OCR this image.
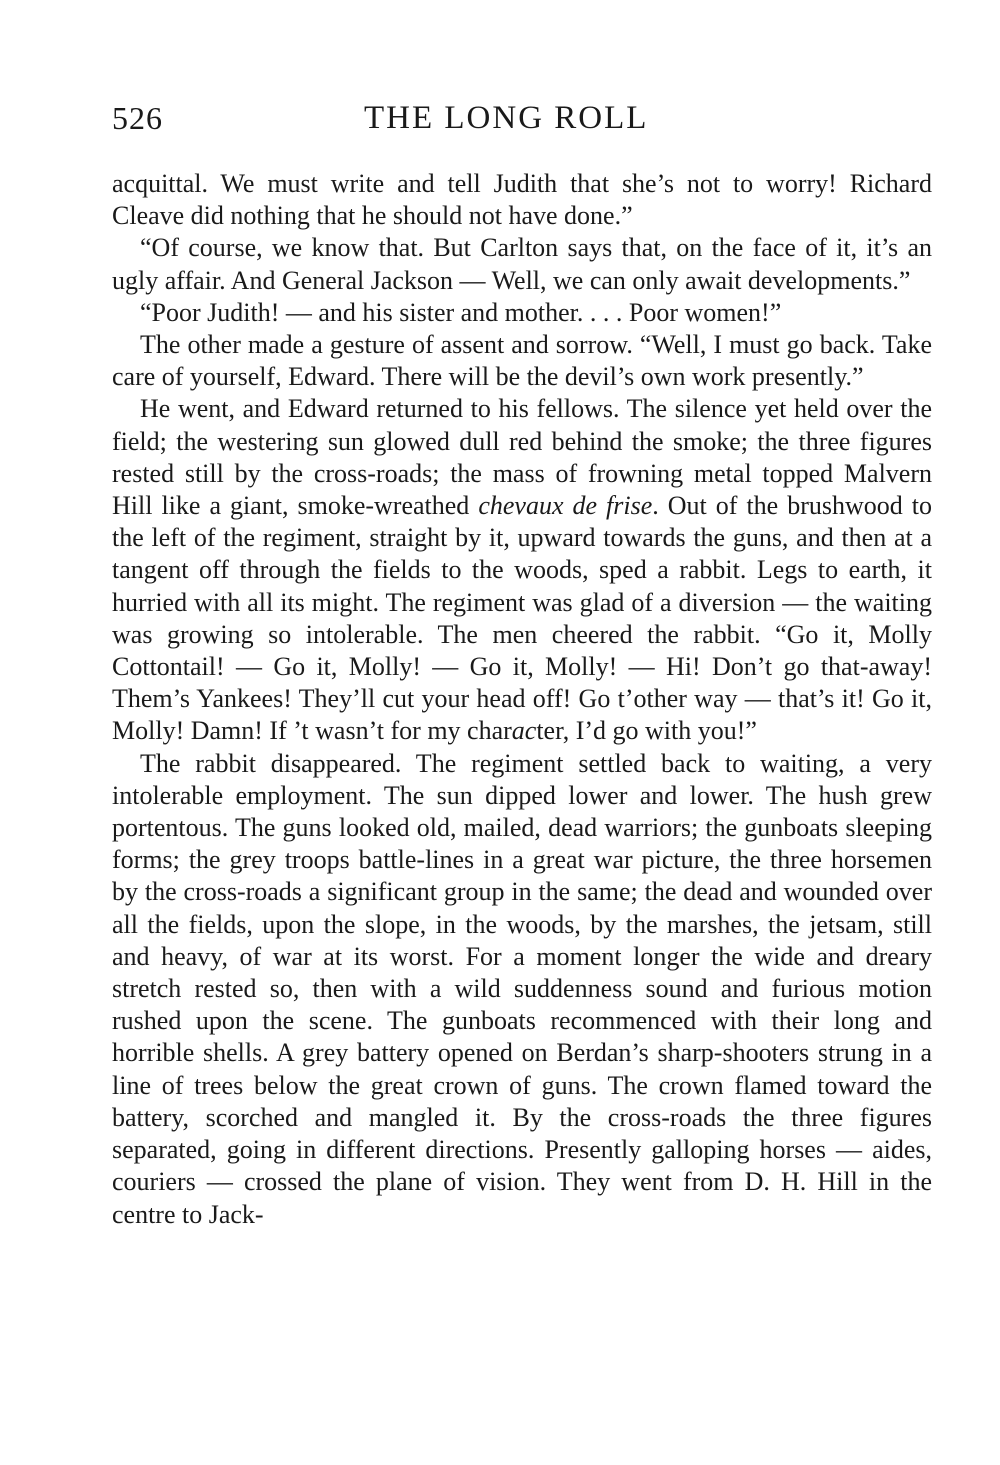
526	THE LONG ROLL

acquittal. We must write and tell Judith that she’s not to worry! Richard Cleave did nothing that he should not have done.”

“Of course, we know that. But Carlton says that, on the face of it, it’s an ugly affair. And General Jackson — Well, we can only await developments.”

“Poor Judith! — and his sister and mother. . . . Poor women!”

The other made a gesture of assent and sorrow. “Well, I must go back. Take care of yourself, Edward. There will be the devil’s own work presently.”

He went, and Edward returned to his fellows. The silence yet held over the field; the westering sun glowed dull red behind the smoke; the three figures rested still by the cross-roads; the mass of frowning metal topped Malvern Hill like a giant, smoke-wreathed chevaux de frise. Out of the brushwood to the left of the regiment, straight by it, upward towards the guns, and then at a tangent off through the fields to the woods, sped a rabbit. Legs to earth, it hurried with all its might. The regiment was glad of a diversion — the waiting was growing so intolerable. The men cheered the rabbit. “Go it, Molly Cottontail! — Go it, Molly! — Go it, Molly! — Hi! Don’t go that-away! Them’s Yankees! They’ll cut your head off! Go t’other way — that’s it! Go it, Molly! Damn! If ’t wasn’t for my character, I’d go with you!”

The rabbit disappeared. The regiment settled back to waiting, a very intolerable employment. The sun dipped lower and lower. The hush grew portentous. The guns looked old, mailed, dead warriors; the gunboats sleeping forms; the grey troops battle-lines in a great war picture, the three horsemen by the cross-roads a significant group in the same; the dead and wounded over all the fields, upon the slope, in the woods, by the marshes, the jetsam, still and heavy, of war at its worst. For a moment longer the wide and dreary stretch rested so, then with a wild suddenness sound and furious motion rushed upon the scene. The gunboats recommenced with their long and horrible shells. A grey battery opened on Berdan’s sharp-shooters strung in a line of trees below the great crown of guns. The crown flamed toward the battery, scorched and mangled it. By the cross-roads the three figures separated, going in different directions. Presently galloping horses — aides, couriers — crossed the plane of vision. They went from D. H. Hill in the centre to Jack-
